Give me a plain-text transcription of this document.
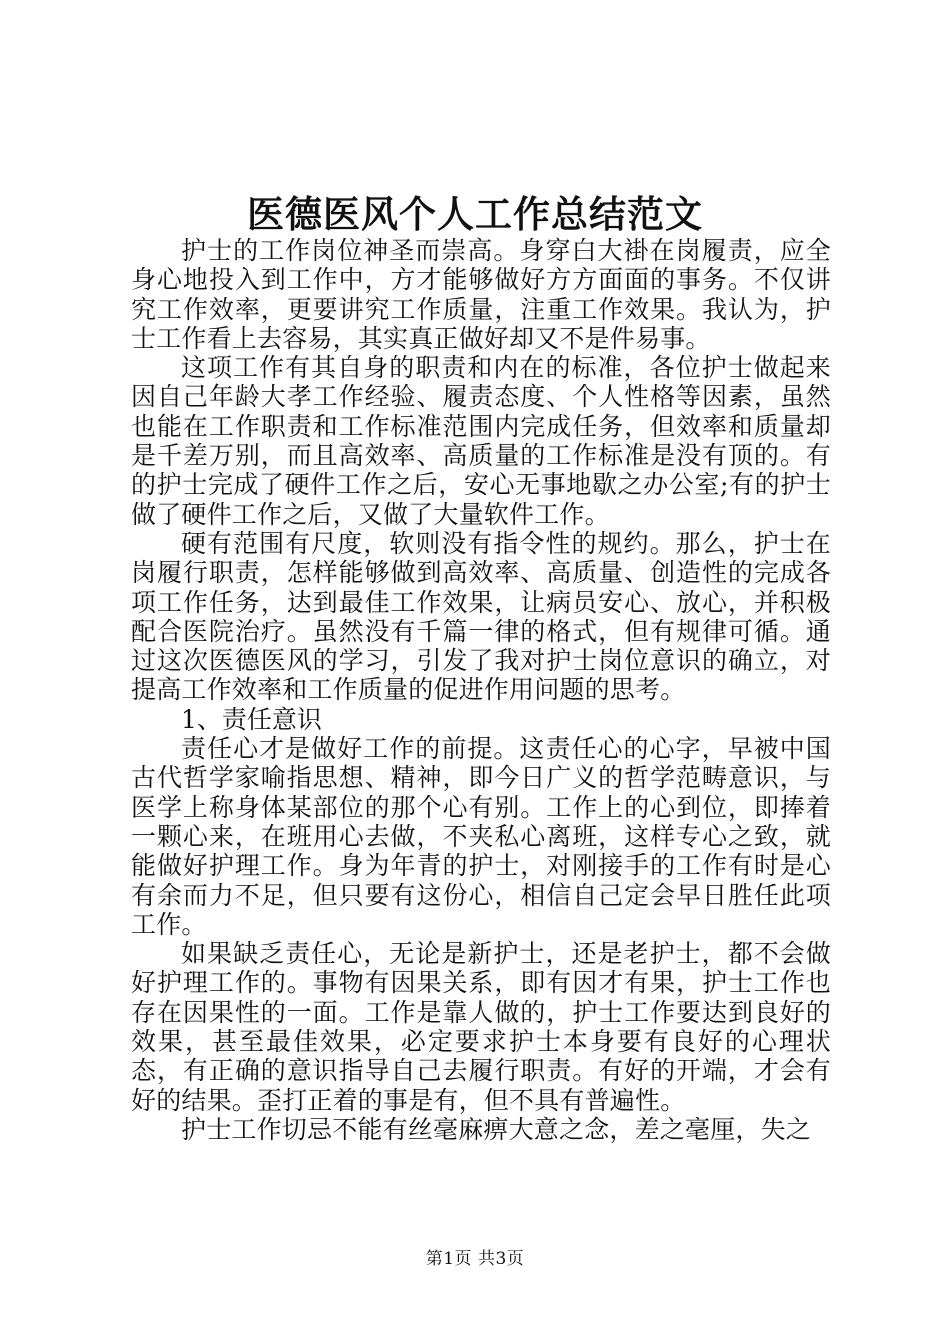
医德医风个人工作总结范文

护士的工作岗位神圣而崇高。身穿白大褂在岗履责，应全身心地投入到工作中，方才能够做好方方面面的事务。不仅讲究工作效率，更要讲究工作质量，注重工作效果。我认为，护士工作看上去容易，其实真正做好却又不是件易事。

这项工作有其自身的职责和内在的标准，各位护士做起来因自己年龄大孝工作经验、履责态度、个人性格等因素，虽然也能在工作职责和工作标准范围内完成任务，但效率和质量却是千差万别，而且高效率、高质量的工作标准是没有顶的。有的护士完成了硬件工作之后，安心无事地歇之办公室;有的护士做了硬件工作之后，又做了大量软件工作。

硬有范围有尺度，软则没有指令性的规约。那么，护士在岗履行职责，怎样能够做到高效率、高质量、创造性的完成各项工作任务，达到最佳工作效果，让病员安心、放心，并积极配合医院治疗。虽然没有千篇一律的格式，但有规律可循。通过这次医德医风的学习，引发了我对护士岗位意识的确立，对提高工作效率和工作质量的促进作用问题的思考。

1、责任意识

责任心才是做好工作的前提。这责任心的心字，早被中国古代哲学家喻指思想、精神，即今日广义的哲学范畴意识，与医学上称身体某部位的那个心有别。工作上的心到位，即捧着一颗心来，在班用心去做，不夹私心离班，这样专心之致，就能做好护理工作。身为年青的护士，对刚接手的工作有时是心有余而力不足，但只要有这份心，相信自己定会早日胜任此项工作。

如果缺乏责任心，无论是新护士，还是老护士，都不会做好护理工作的。事物有因果关系，即有因才有果，护士工作也存在因果性的一面。工作是靠人做的，护士工作要达到良好的效果，甚至最佳效果，必定要求护士本身要有良好的心理状态，有正确的意识指导自己去履行职责。有好的开端，才会有好的结果。歪打正着的事是有，但不具有普遍性。

护士工作切忌不能有丝毫麻痹大意之念，差之毫厘，失之

第1页 共3页
